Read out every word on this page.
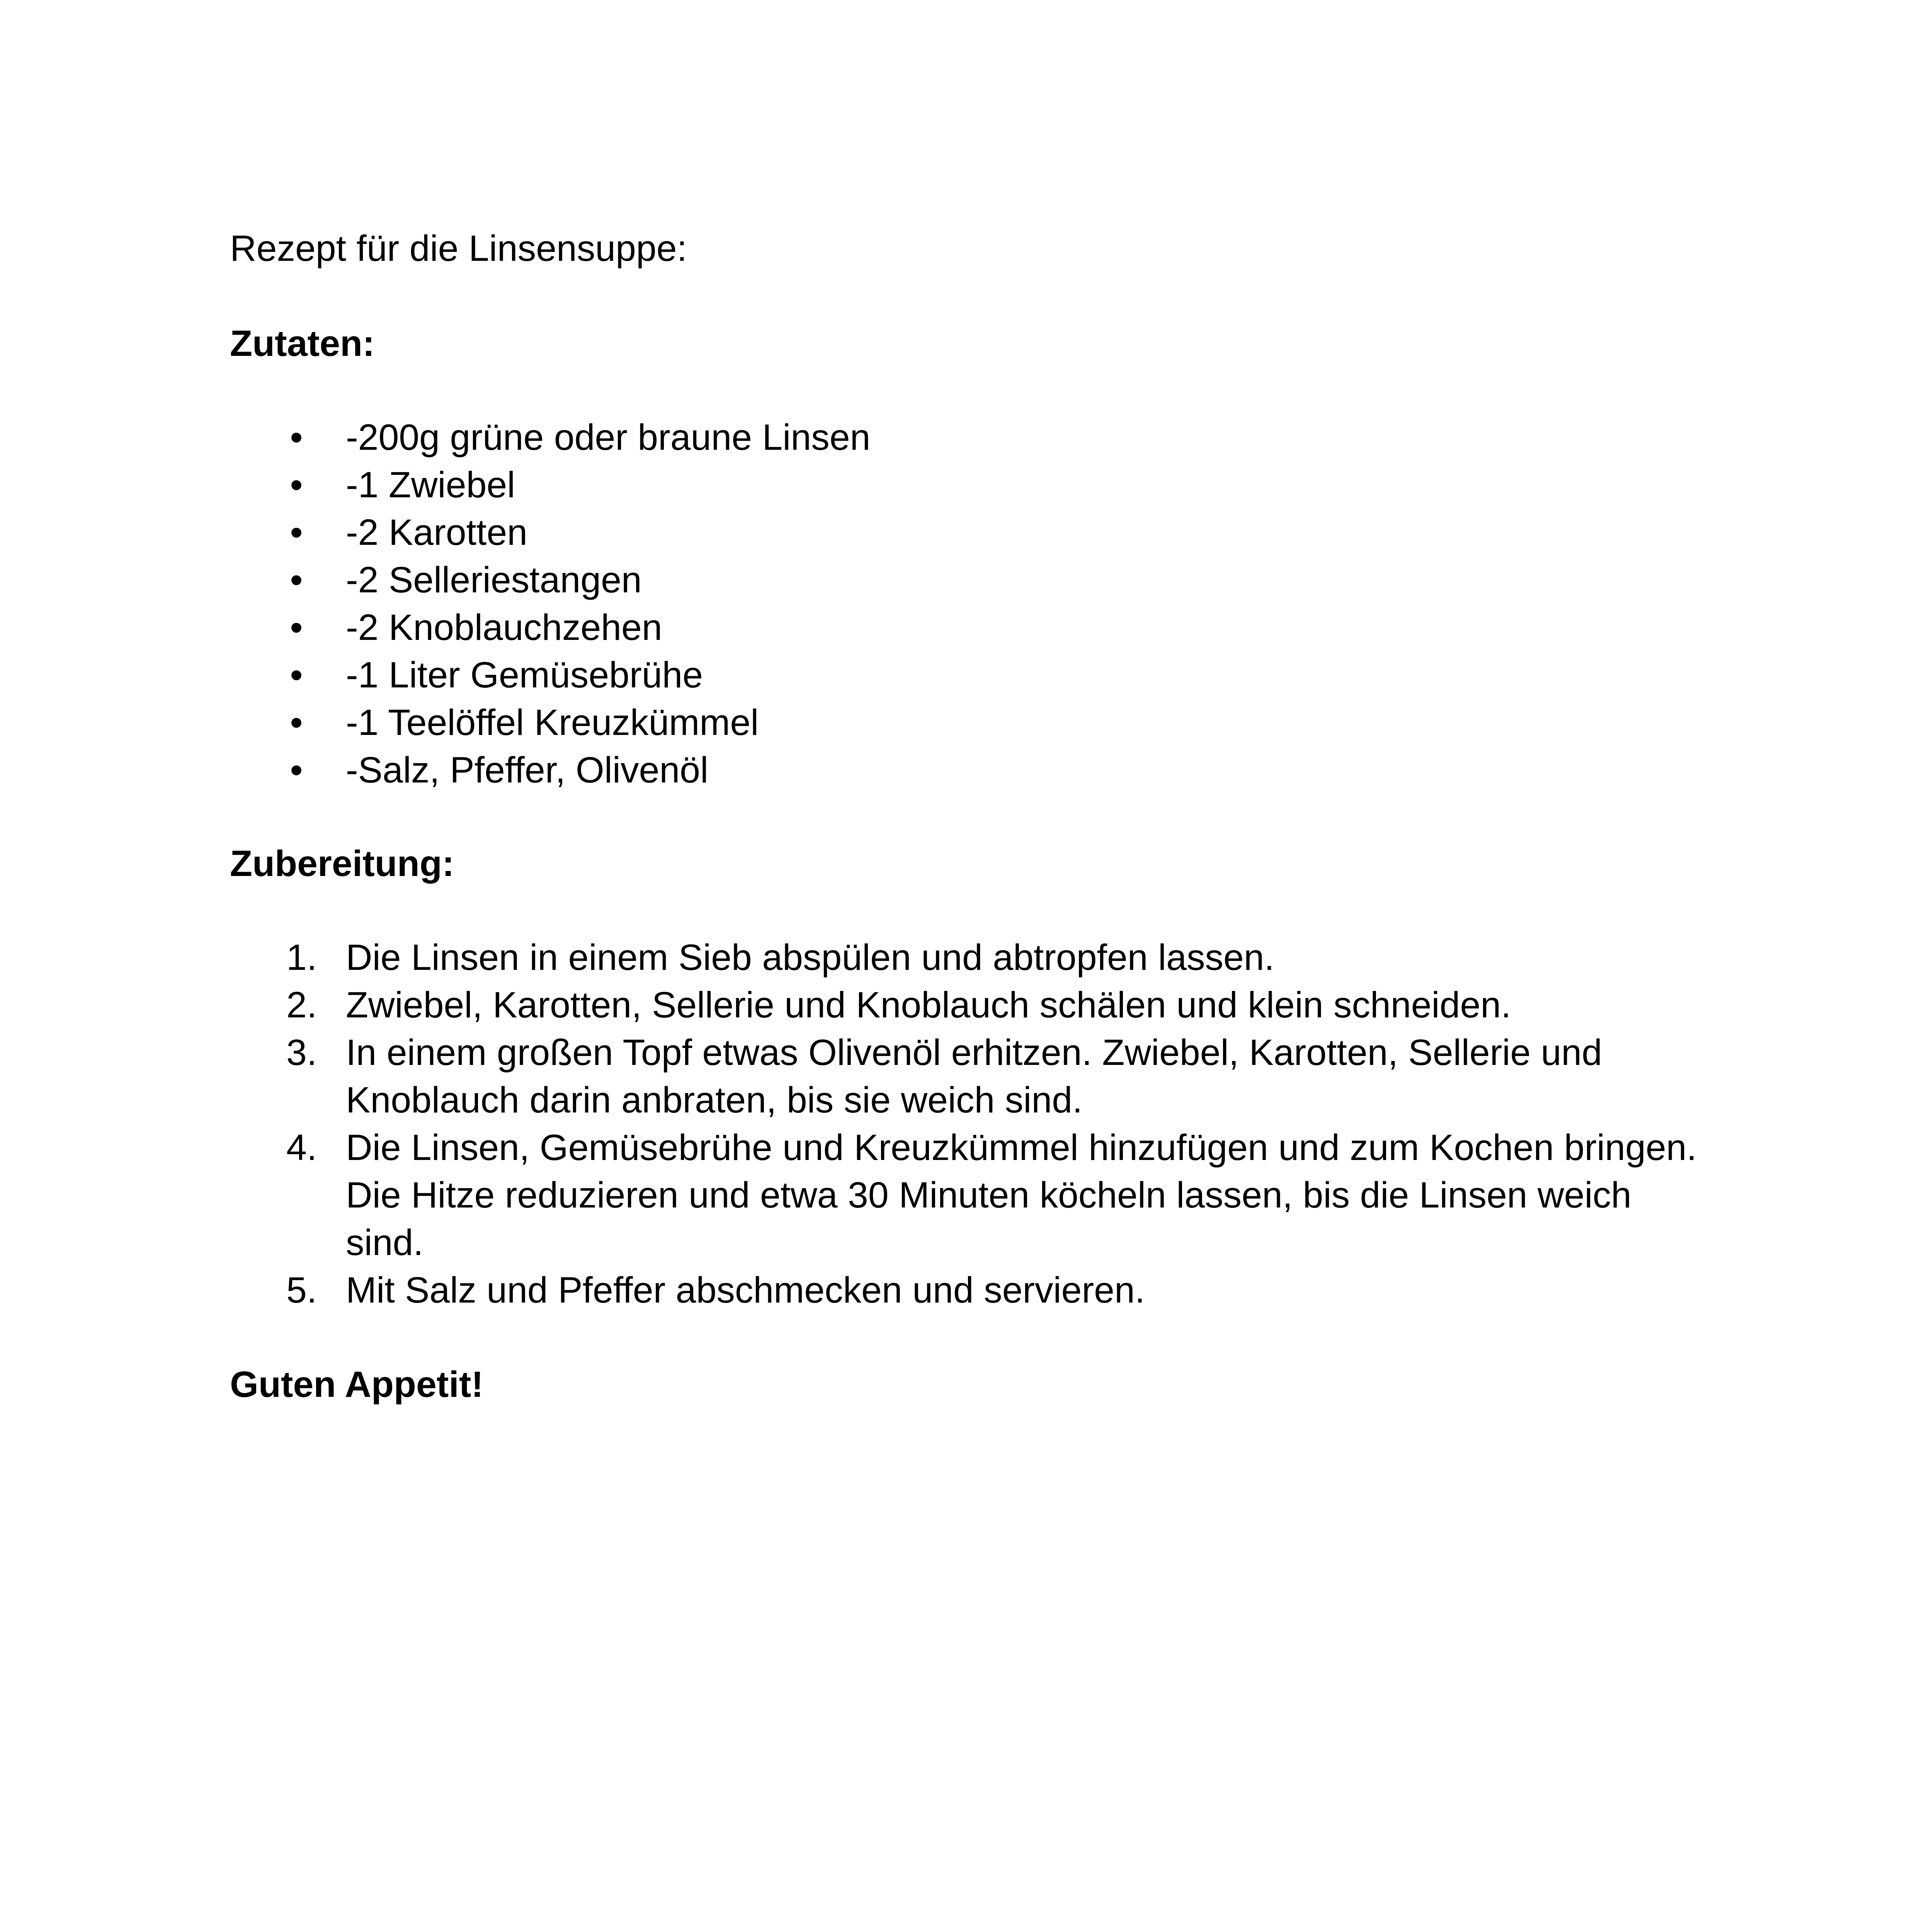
Rezept für die Linsensuppe:

Zutaten:

• -200g grüne oder braune Linsen
• -1 Zwiebel
• -2 Karotten
• -2 Selleriestangen
• -2 Knoblauchzehen
• -1 Liter Gemüsebrühe
• -1 Teelöffel Kreuzkümmel
• -Salz, Pfeffer, Olivenöl

Zubereitung:

1. Die Linsen in einem Sieb abspülen und abtropfen lassen.
2. Zwiebel, Karotten, Sellerie und Knoblauch schälen und klein schneiden.
3. In einem großen Topf etwas Olivenöl erhitzen. Zwiebel, Karotten, Sellerie und Knoblauch darin anbraten, bis sie weich sind.
4. Die Linsen, Gemüsebrühe und Kreuzkümmel hinzufügen und zum Kochen bringen. Die Hitze reduzieren und etwa 30 Minuten köcheln lassen, bis die Linsen weich sind.
5. Mit Salz und Pfeffer abschmecken und servieren.

Guten Appetit!
